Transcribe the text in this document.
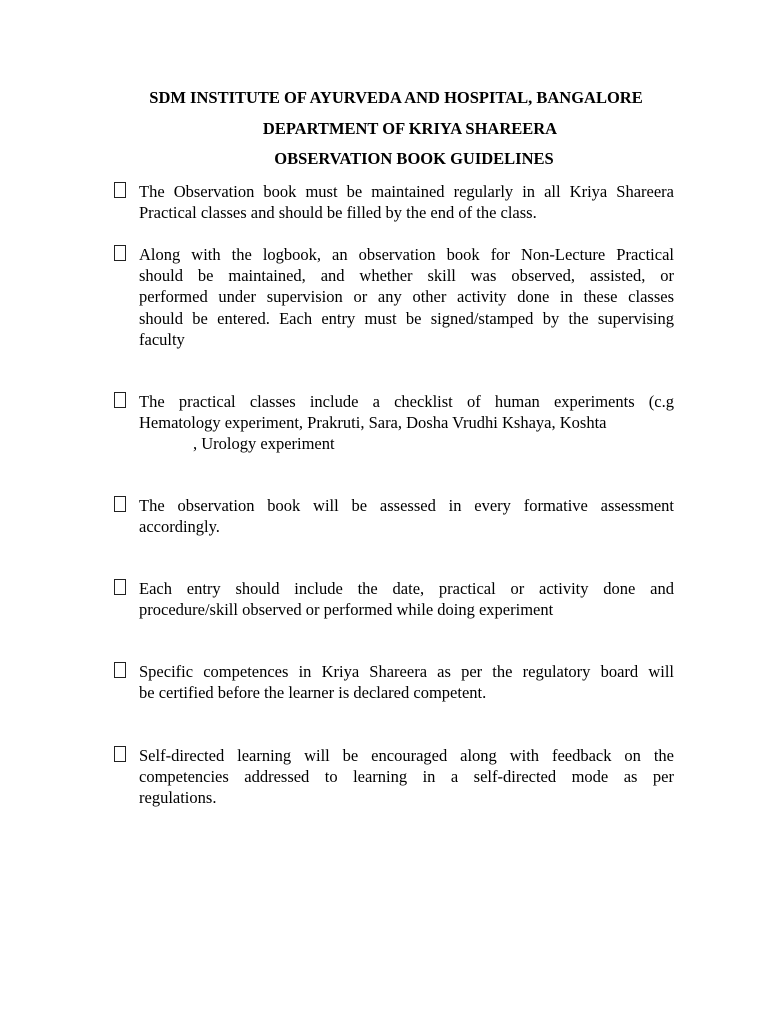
SDM INSTITUTE OF AYURVEDA AND HOSPITAL, BANGALORE
DEPARTMENT OF KRIYA SHAREERA
OBSERVATION BOOK GUIDELINES
The Observation book must be maintained regularly in all Kriya Shareera
Practical classes and should be filled by the end of the class.
Along with the logbook, an observation book for Non-Lecture Practical
should be maintained, and whether skill was observed, assisted, or
performed under supervision or any other activity done in these classes
should be entered. Each entry must be signed/stamped by the supervising
faculty
The practical classes include a checklist of human experiments (c.g
Hematology experiment, Prakruti, Sara, Dosha Vrudhi Kshaya, Koshta
, Urology experiment
The observation book will be assessed in every formative assessment
accordingly.
Each entry should include the date, practical or activity done and
procedure/skill observed or performed while doing experiment
Specific competences in Kriya Shareera as per the regulatory board will
be certified before the learner is declared competent.
Self-directed learning will be encouraged along with feedback on the
competencies addressed to learning in a self-directed mode as per
regulations.
